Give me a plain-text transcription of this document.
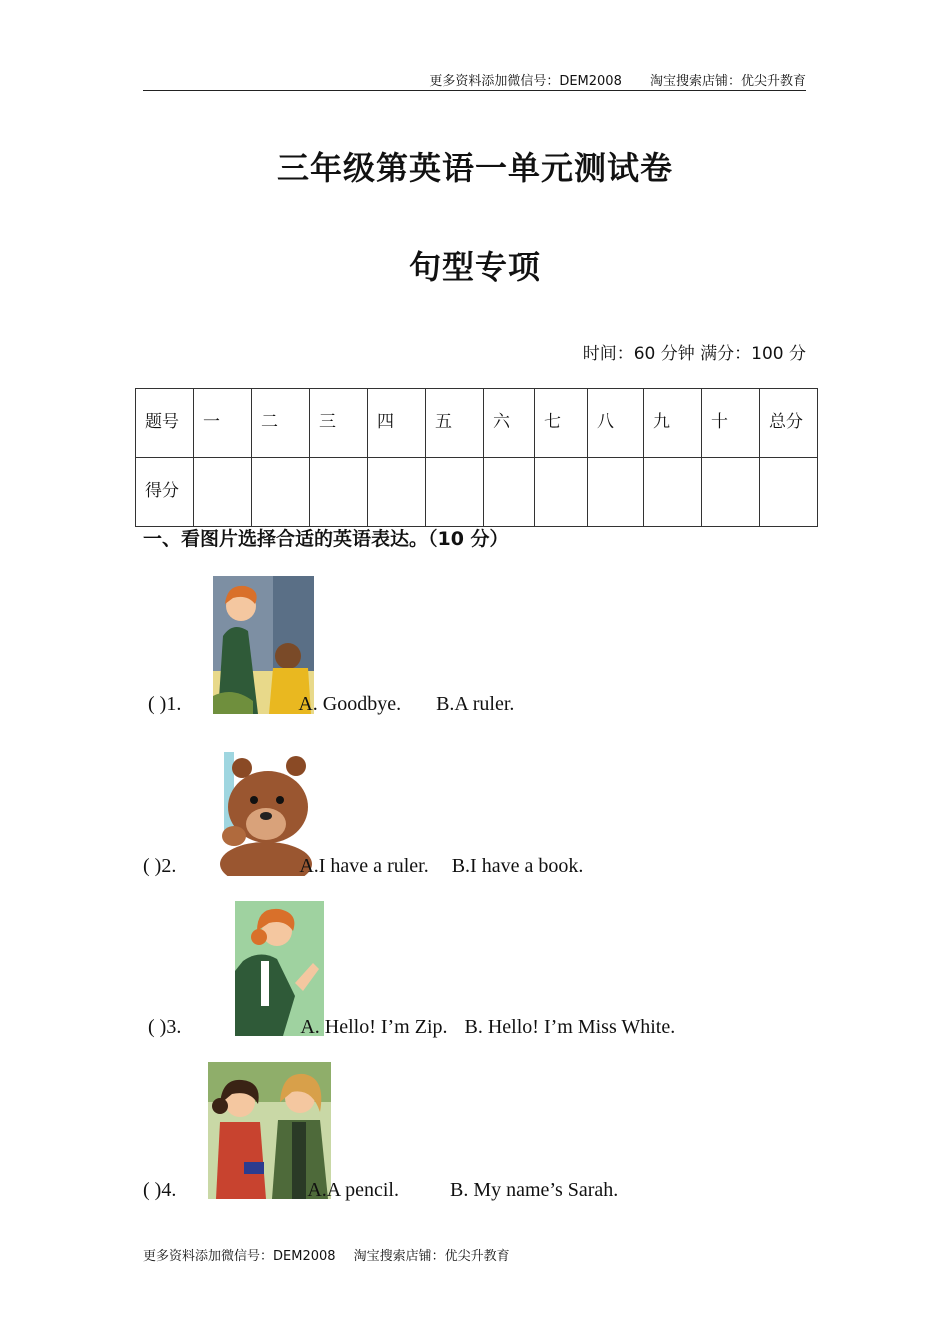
更多资料添加微信号：DEM2008 淘宝搜索店铺：优尖升教育
三年级第英语一单元测试卷
句型专项
时间：60 分钟 满分：100 分
题号	一	二	三	四	五	六	七	八	九	十	总分
得分											
一、看图片选择合适的英语表达。（10 分）
( )1.	A. Goodbye. B.A ruler.
( )2.	A.I have a ruler. B.I have a book.
( )3.	A. Hello! I’m Zip. B. Hello! I’m Miss White.
( )4.	A.A pencil.	B. My name’s Sarah.
更多资料添加微信号：DEM2008 淘宝搜索店铺：优尖升教育
